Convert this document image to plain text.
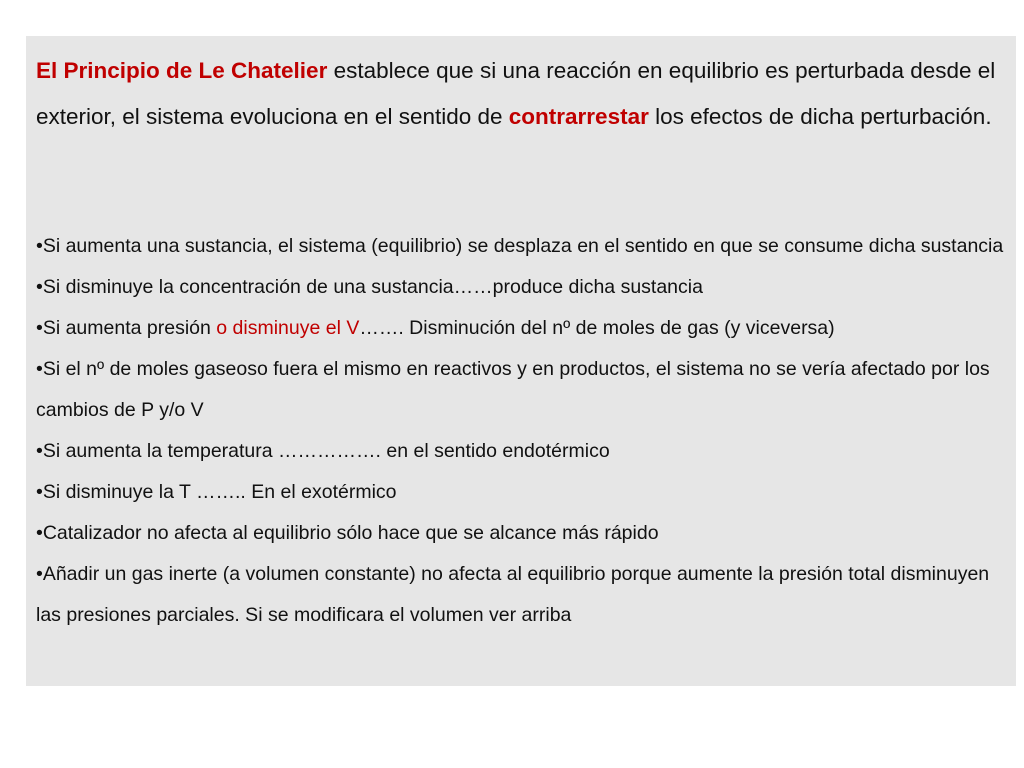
El Principio de Le Chatelier establece que si una reacción en equilibrio es perturbada desde el exterior, el sistema evoluciona en el sentido de contrarrestar los efectos de dicha perturbación.

•Si aumenta una sustancia, el sistema (equilibrio) se desplaza en el sentido en que se consume dicha sustancia
•Si disminuye la concentración de una sustancia……produce dicha sustancia
•Si aumenta presión o disminuye el V……. Disminución del nº de moles de gas (y viceversa)
•Si el nº de moles gaseoso fuera el mismo en reactivos y en productos, el sistema no se vería afectado por los cambios de P y/o V
•Si aumenta la temperatura ……………. en el sentido endotérmico
•Si disminuye la T …….. En el exotérmico
•Catalizador no afecta al equilibrio sólo hace que se alcance más rápido
•Añadir un gas inerte (a volumen constante) no afecta al equilibrio porque aumente la presión total disminuyen las presiones parciales. Si se modificara el volumen ver arriba
